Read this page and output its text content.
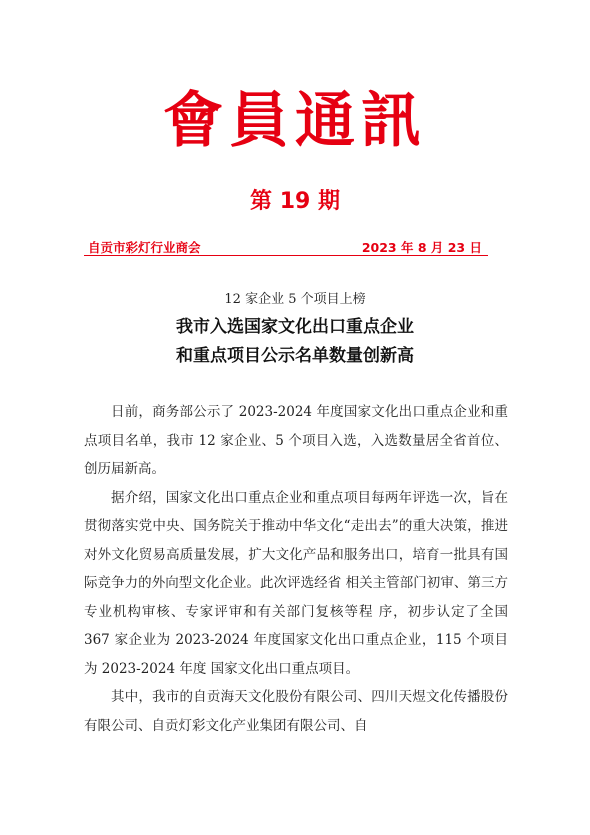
會員通訊
第 19 期
自贡市彩灯行业商会	2023 年 8 月 23 日
12 家企业 5 个项目上榜
我市入选国家文化出口重点企业
和重点项目公示名单数量创新高

日前，商务部公示了 2023-2024 年度国家文化出口重点企业和重点项目名单，我市 12 家企业、5 个项目入选，入选数量居全省首位、创历届新高。

据介绍，国家文化出口重点企业和重点项目每两年评选一次，旨在贯彻落实党中央、国务院关于推动中华文化“走出去”的重大决策，推进对外文化贸易高质量发展，扩大文化产品和服务出口，培育一批具有国际竞争力的外向型文化企业。此次评选经省 相关主管部门初审、第三方专业机构审核、专家评审和有关部门复核等程 序，初步认定了全国 367 家企业为 2023-2024 年度国家文化出口重点企业，115 个项目为 2023-2024 年度 国家文化出口重点项目。

其中，我市的自贡海天文化股份有限公司、四川天煜文化传播股份有限公司、自贡灯彩文化产业集团有限公司、自
